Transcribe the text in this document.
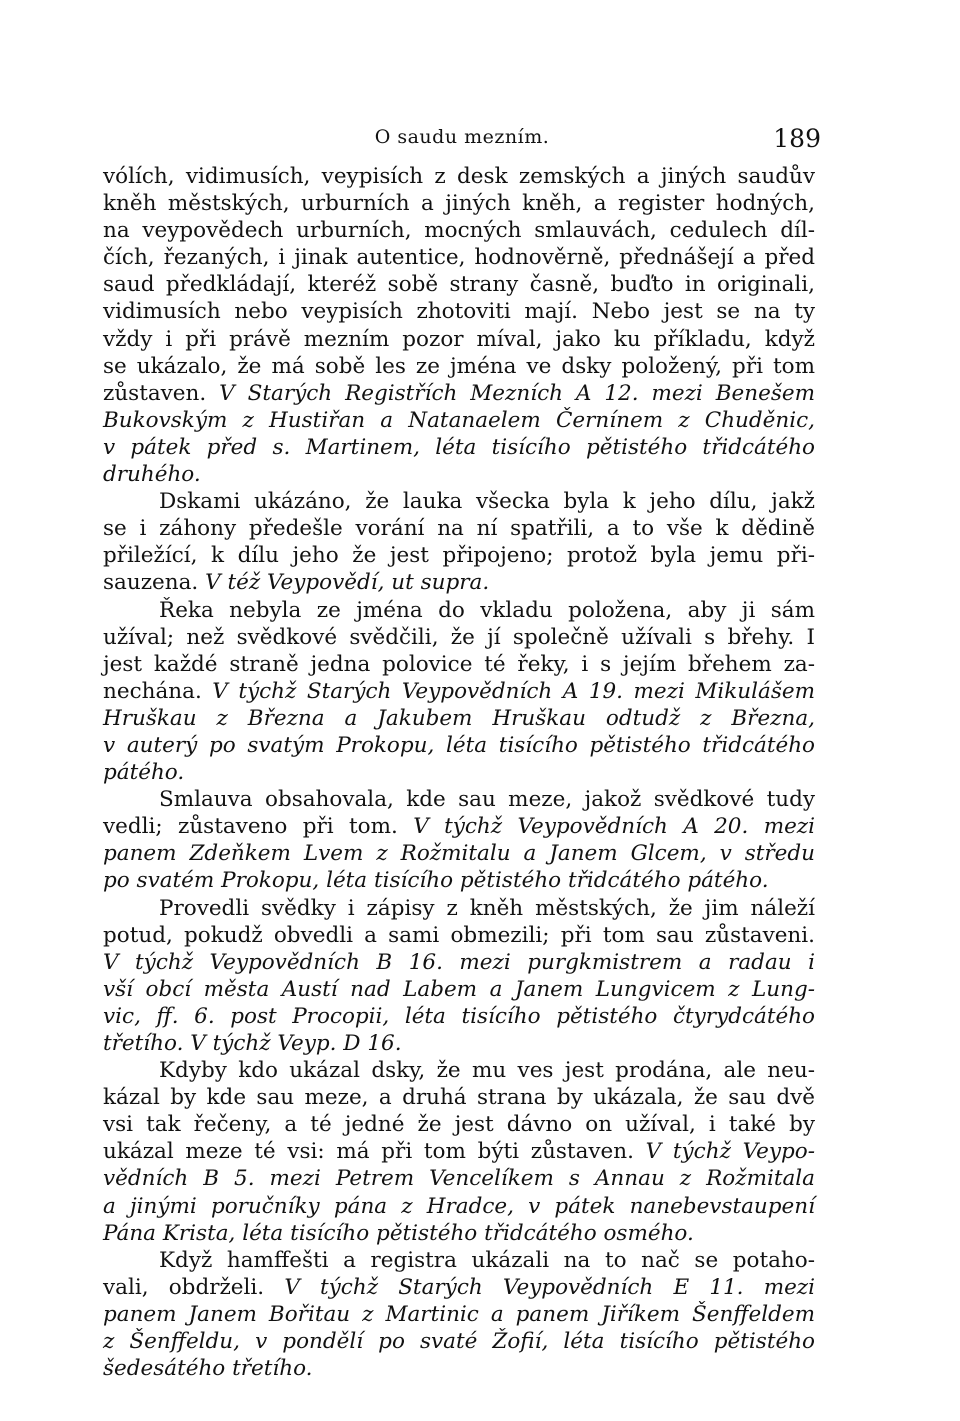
O saudu mezním.	189
vólích, vidimusích, veypisích z desk zemských a jiných saudův
kněh městských, urburních a jiných kněh, a register hodných,
na veypovědech urburních, mocných smlauvách, cedulech díl-
čích, řezaných, i jinak autentice, hodnověrně, přednášejí a před
saud předkládají, kteréž sobě strany časně, buďto in originali,
vidimusích nebo veypisích zhotoviti mají. Nebo jest se na ty
vždy i při právě mezním pozor míval, jako ku příkladu, když
se ukázalo, že má sobě les ze jména ve dsky položený, při tom
zůstaven. V Starých Registřích Mezních A 12. mezi Benešem
Bukovským z Hustiřan a Natanaelem Černínem z Chuděnic,
v pátek před s. Martinem, léta tisícího pětistého třidcátého
druhého.
Dskami ukázáno, že lauka všecka byla k jeho dílu, jakž
se i záhony předešle vorání na ní spatřili, a to vše k dědině
přiležící, k dílu jeho že jest připojeno; protož byla jemu při-
sauzena. V též Veypovědí, ut supra.
Řeka nebyla ze jména do vkladu položena, aby ji sám
užíval; než svědkové svědčili, že jí společně užívali s břehy. I
jest každé straně jedna polovice té řeky, i s jejím břehem za-
nechána. V týchž Starých Veypovědních A 19. mezi Mikulášem
Hruškau z Března a Jakubem Hruškau odtudž z Března,
v auterý po svatým Prokopu, léta tisícího pětistého třidcátého
pátého.
Smlauva obsahovala, kde sau meze, jakož svědkové tudy
vedli; zůstaveno při tom. V týchž Veypovědních A 20. mezi
panem Zdeňkem Lvem z Rožmitalu a Janem Glcem, v středu
po svatém Prokopu, léta tisícího pětistého třidcátého pátého.
Provedli svědky i zápisy z kněh městských, že jim náleží
potud, pokudž obvedli a sami obmezili; při tom sau zůstaveni.
V týchž Veypovědních B 16. mezi purgkmistrem a radau i
vší obcí města Austí nad Labem a Janem Lungvicem z Lung-
vic, ff. 6. post Procopii, léta tisícího pětistého čtyrydcátého
třetího. V týchž Veyp. D 16.
Kdyby kdo ukázal dsky, že mu ves jest prodána, ale neu-
kázal by kde sau meze, a druhá strana by ukázala, že sau dvě
vsi tak řečeny, a té jedné že jest dávno on užíval, i také by
ukázal meze té vsi: má při tom býti zůstaven. V týchž Veypo-
vědních B 5. mezi Petrem Vencelíkem s Annau z Rožmitala
a jinými poručníky pána z Hradce, v pátek nanebevstaupení
Pána Krista, léta tisícího pětistého třidcátého osmého.
Když hamffešti a registra ukázali na to nač se potaho-
vali, obdrželi. V týchž Starých Veypovědních E 11. mezi
panem Janem Bořitau z Martinic a panem Jiříkem Šenffeldem
z Šenffeldu, v pondělí po svaté Žofií, léta tisícího pětistého
šedesátého třetího.
